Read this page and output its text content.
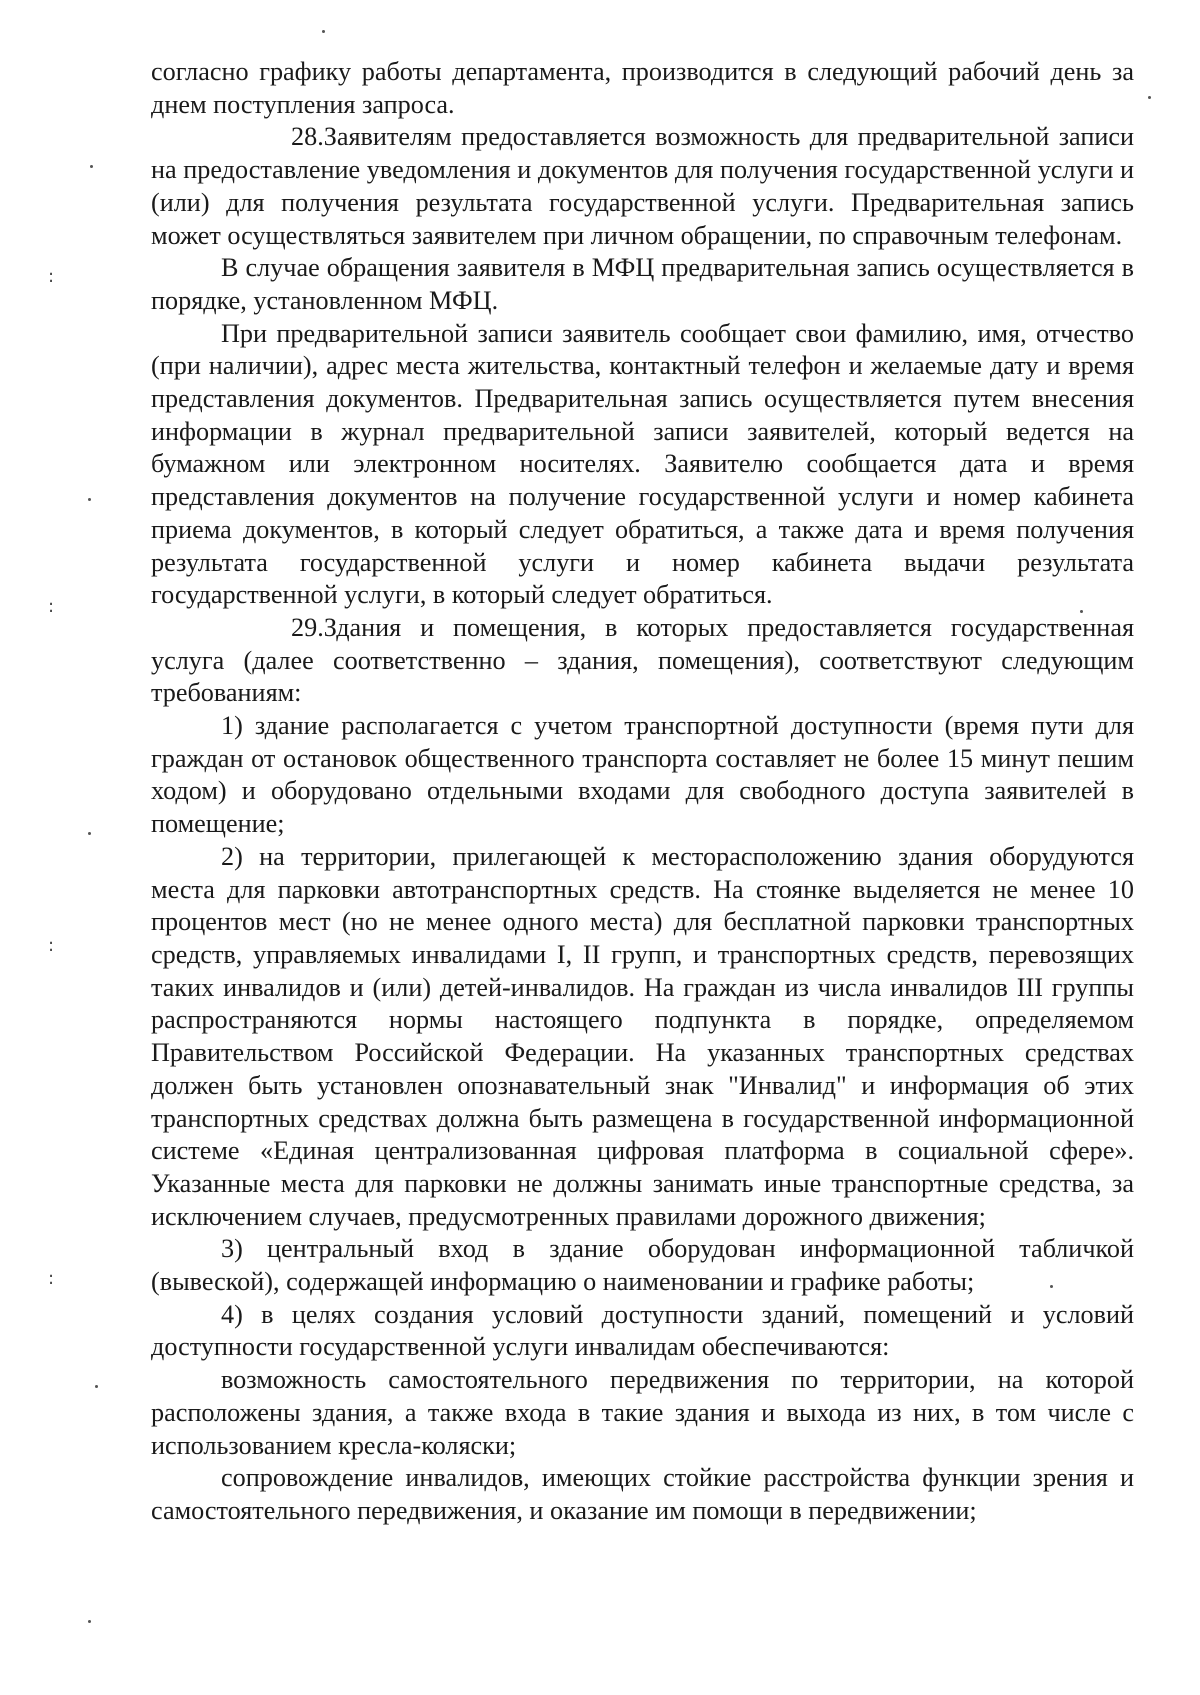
:
:
:
:

согласно графику работы департамента, производится в следующий рабочий день за днем поступления запроса.

28.Заявителям предоставляется возможность для предварительной записи на предоставление уведомления и документов для получения государственной услуги и (или) для получения результата государственной услуги. Предварительная запись может осуществляться заявителем при личном обращении, по справочным телефонам.

В случае обращения заявителя в МФЦ предварительная запись осуществляется в порядке, установленном МФЦ.

При предварительной записи заявитель сообщает свои фамилию, имя, отчество (при наличии), адрес места жительства, контактный телефон и желаемые дату и время представления документов. Предварительная запись осуществляется путем внесения информации в журнал предварительной записи заявителей, который ведется на бумажном или электронном носителях. Заявителю сообщается дата и время представления документов на получение государственной услуги и номер кабинета приема документов, в который следует обратиться, а также дата и время получения результата государственной услуги и номер кабинета выдачи результата государственной услуги, в который следует обратиться.

29.Здания и помещения, в которых предоставляется государственная услуга (далее соответственно – здания, помещения), соответствуют следующим требованиям:

1) здание располагается с учетом транспортной доступности (время пути для граждан от остановок общественного транспорта составляет не более 15 минут пешим ходом) и оборудовано отдельными входами для свободного доступа заявителей в помещение;

2) на территории, прилегающей к месторасположению здания оборудуются места для парковки автотранспортных средств. На стоянке выделяется не менее 10 процентов мест (но не менее одного места) для бесплатной парковки транспортных средств, управляемых инвалидами I, II групп, и транспортных средств, перевозящих таких инвалидов и (или) детей-инвалидов. На граждан из числа инвалидов III группы распространяются нормы настоящего подпункта в порядке, определяемом Правительством Российской Федерации. На указанных транспортных средствах должен быть установлен опознавательный знак "Инвалид" и информация об этих транспортных средствах должна быть размещена в государственной информационной системе «Единая централизованная цифровая платформа в социальной сфере». Указанные места для парковки не должны занимать иные транспортные средства, за исключением случаев, предусмотренных правилами дорожного движения;

3) центральный вход в здание оборудован информационной табличкой (вывеской), содержащей информацию о наименовании и графике работы;

4) в целях создания условий доступности зданий, помещений и условий доступности государственной услуги инвалидам обеспечиваются:

возможность самостоятельного передвижения по территории, на которой расположены здания, а также входа в такие здания и выхода из них, в том числе с использованием кресла-коляски;

сопровождение инвалидов, имеющих стойкие расстройства функции зрения и самостоятельного передвижения, и оказание им помощи в передвижении;
